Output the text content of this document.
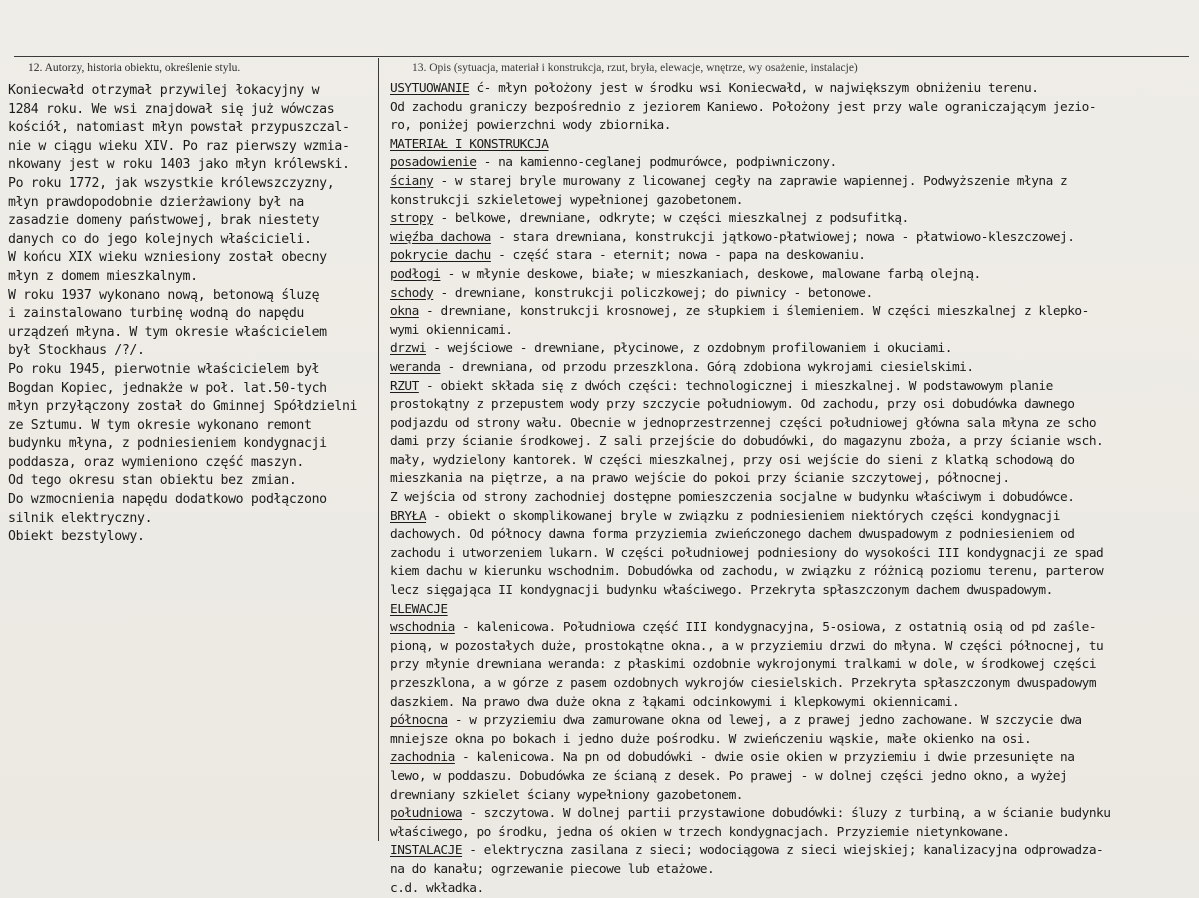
12. Autorzy, historia obiektu, określenie stylu.	13. Opis (sytuacja, materiał i konstrukcja, rzut, bryła, elewacje, wnętrze, wy osażenie, instalacje)
Koniecwałd otrzymał przywilej łokacyjny w
1284 roku. We wsi znajdował się już wówczas
kościół, natomiast młyn powstał przypuszczal-
nie w ciągu wieku XIV. Po raz pierwszy wzmia-
nkowany jest w roku 1403 jako młyn królewski.
Po roku 1772, jak wszystkie królewszczyzny,
młyn prawdopodobnie dzierżawiony był na
zasadzie domeny państwowej, brak niestety
danych co do jego kolejnych właścicieli.
W końcu XIX wieku wzniesiony został obecny
młyn z domem mieszkalnym.
W roku 1937 wykonano nową, betonową śluzę
i zainstalowano turbinę wodną do napędu
urządzeń młyna. W tym okresie właścicielem
był Stockhaus /?/.
Po roku 1945, pierwotnie właścicielem był
Bogdan Kopiec, jednakże w poł. lat.50-tych
młyn przyłączony został do Gminnej Spółdzielni
ze Sztumu. W tym okresie wykonano remont
budynku młyna, z podniesieniem kondygnacji
poddasza, oraz wymieniono część maszyn.
Od tego okresu stan obiektu bez zmian.
Do wzmocnienia napędu dodatkowo podłączono
silnik elektryczny.
Obiekt bezstylowy.
USYTUOWANIE ć- młyn położony jest w środku wsi Koniecwałd, w największym obniżeniu terenu.
Od zachodu graniczy bezpośrednio z jeziorem Kaniewo. Położony jest przy wale ograniczającym jezio-
ro, poniżej powierzchni wody zbiornika.
MATERIAŁ I KONSTRUKCJA
posadowienie - na kamienno-ceglanej podmurówce, podpiwniczony.
ściany - w starej bryle murowany z licowanej cegły na zaprawie wapiennej. Podwyższenie młyna z
konstrukcji szkieletowej wypełnionej gazobetonem.
stropy - belkowe, drewniane, odkryte; w części mieszkalnej z podsufitką.
więźba dachowa - stara drewniana, konstrukcji jątkowo-płatwiowej; nowa - płatwiowo-kleszczowej.
pokrycie dachu - część stara - eternit; nowa - papa na deskowaniu.
podłogi - w młynie deskowe, białe; w mieszkaniach, deskowe, malowane farbą olejną.
schody - drewniane, konstrukcji policzkowej; do piwnicy - betonowe.
okna - drewniane, konstrukcji krosnowej, ze słupkiem i ślemieniem. W części mieszkalnej z klepko-
wymi okiennicami.
drzwi - wejściowe - drewniane, płycinowe, z ozdobnym profilowaniem i okuciami.
weranda - drewniana, od przodu przeszklona. Górą zdobiona wykrojami ciesielskimi.
RZUT - obiekt składa się z dwóch części: technologicznej i mieszkalnej. W podstawowym planie
prostokątny z przepustem wody przy szczycie południowym. Od zachodu, przy osi dobudówka dawnego
podjazdu od strony wału. Obecnie w jednoprzestrzennej części południowej główna sala młyna ze scho
dami przy ścianie środkowej. Z sali przejście do dobudówki, do magazynu zboża, a przy ścianie wsch.
mały, wydzielony kantorek. W części mieszkalnej, przy osi wejście do sieni z klatką schodową do
mieszkania na piętrze, a na prawo wejście do pokoi przy ścianie szczytowej, północnej.
Z wejścia od strony zachodniej dostępne pomieszczenia socjalne w budynku właściwym i dobudówce.
BRYŁA - obiekt o skomplikowanej bryle w związku z podniesieniem niektórych części kondygnacji
dachowych. Od północy dawna forma przyziemia zwieńczonego dachem dwuspadowym z podniesieniem od
zachodu i utworzeniem lukarn. W części południowej podniesiony do wysokości III kondygnacji ze spad
kiem dachu w kierunku wschodnim. Dobudówka od zachodu, w związku z różnicą poziomu terenu, parterow
lecz sięgająca II kondygnacji budynku właściwego. Przekryta spłaszczonym dachem dwuspadowym.
ELEWACJE
wschodnia - kalenicowa. Południowa część III kondygnacyjna, 5-osiowa, z ostatnią osią od pd zaśle-
pioną, w pozostałych duże, prostokątne okna., a w przyziemiu drzwi do młyna. W części północnej, tu
przy młynie drewniana weranda: z płaskimi ozdobnie wykrojonymi tralkami w dole, w środkowej części
przeszklona, a w górze z pasem ozdobnych wykrojów ciesielskich. Przekryta spłaszczonym dwuspadowym
daszkiem. Na prawo dwa duże okna z łąkami odcinkowymi i klepkowymi okiennicami.
północna - w przyziemiu dwa zamurowane okna od lewej, a z prawej jedno zachowane. W szczycie dwa
mniejsze okna po bokach i jedno duże pośrodku. W zwieńczeniu wąskie, małe okienko na osi.
zachodnia - kalenicowa. Na pn od dobudówki - dwie osie okien w przyziemiu i dwie przesunięte na
lewo, w poddaszu. Dobudówka ze ścianą z desek. Po prawej - w dolnej części jedno okno, a wyżej
drewniany szkielet ściany wypełniony gazobetonem.
południowa - szczytowa. W dolnej partii przystawione dobudówki: śluzy z turbiną, a w ścianie budynku
właściwego, po środku, jedna oś okien w trzech kondygnacjach. Przyziemie nietynkowane.
INSTALACJE - elektryczna zasilana z sieci; wodociągowa z sieci wiejskiej; kanalizacyjna odprowadza-
na do kanału; ogrzewanie piecowe lub etażowe.
c.d. wkładka.
